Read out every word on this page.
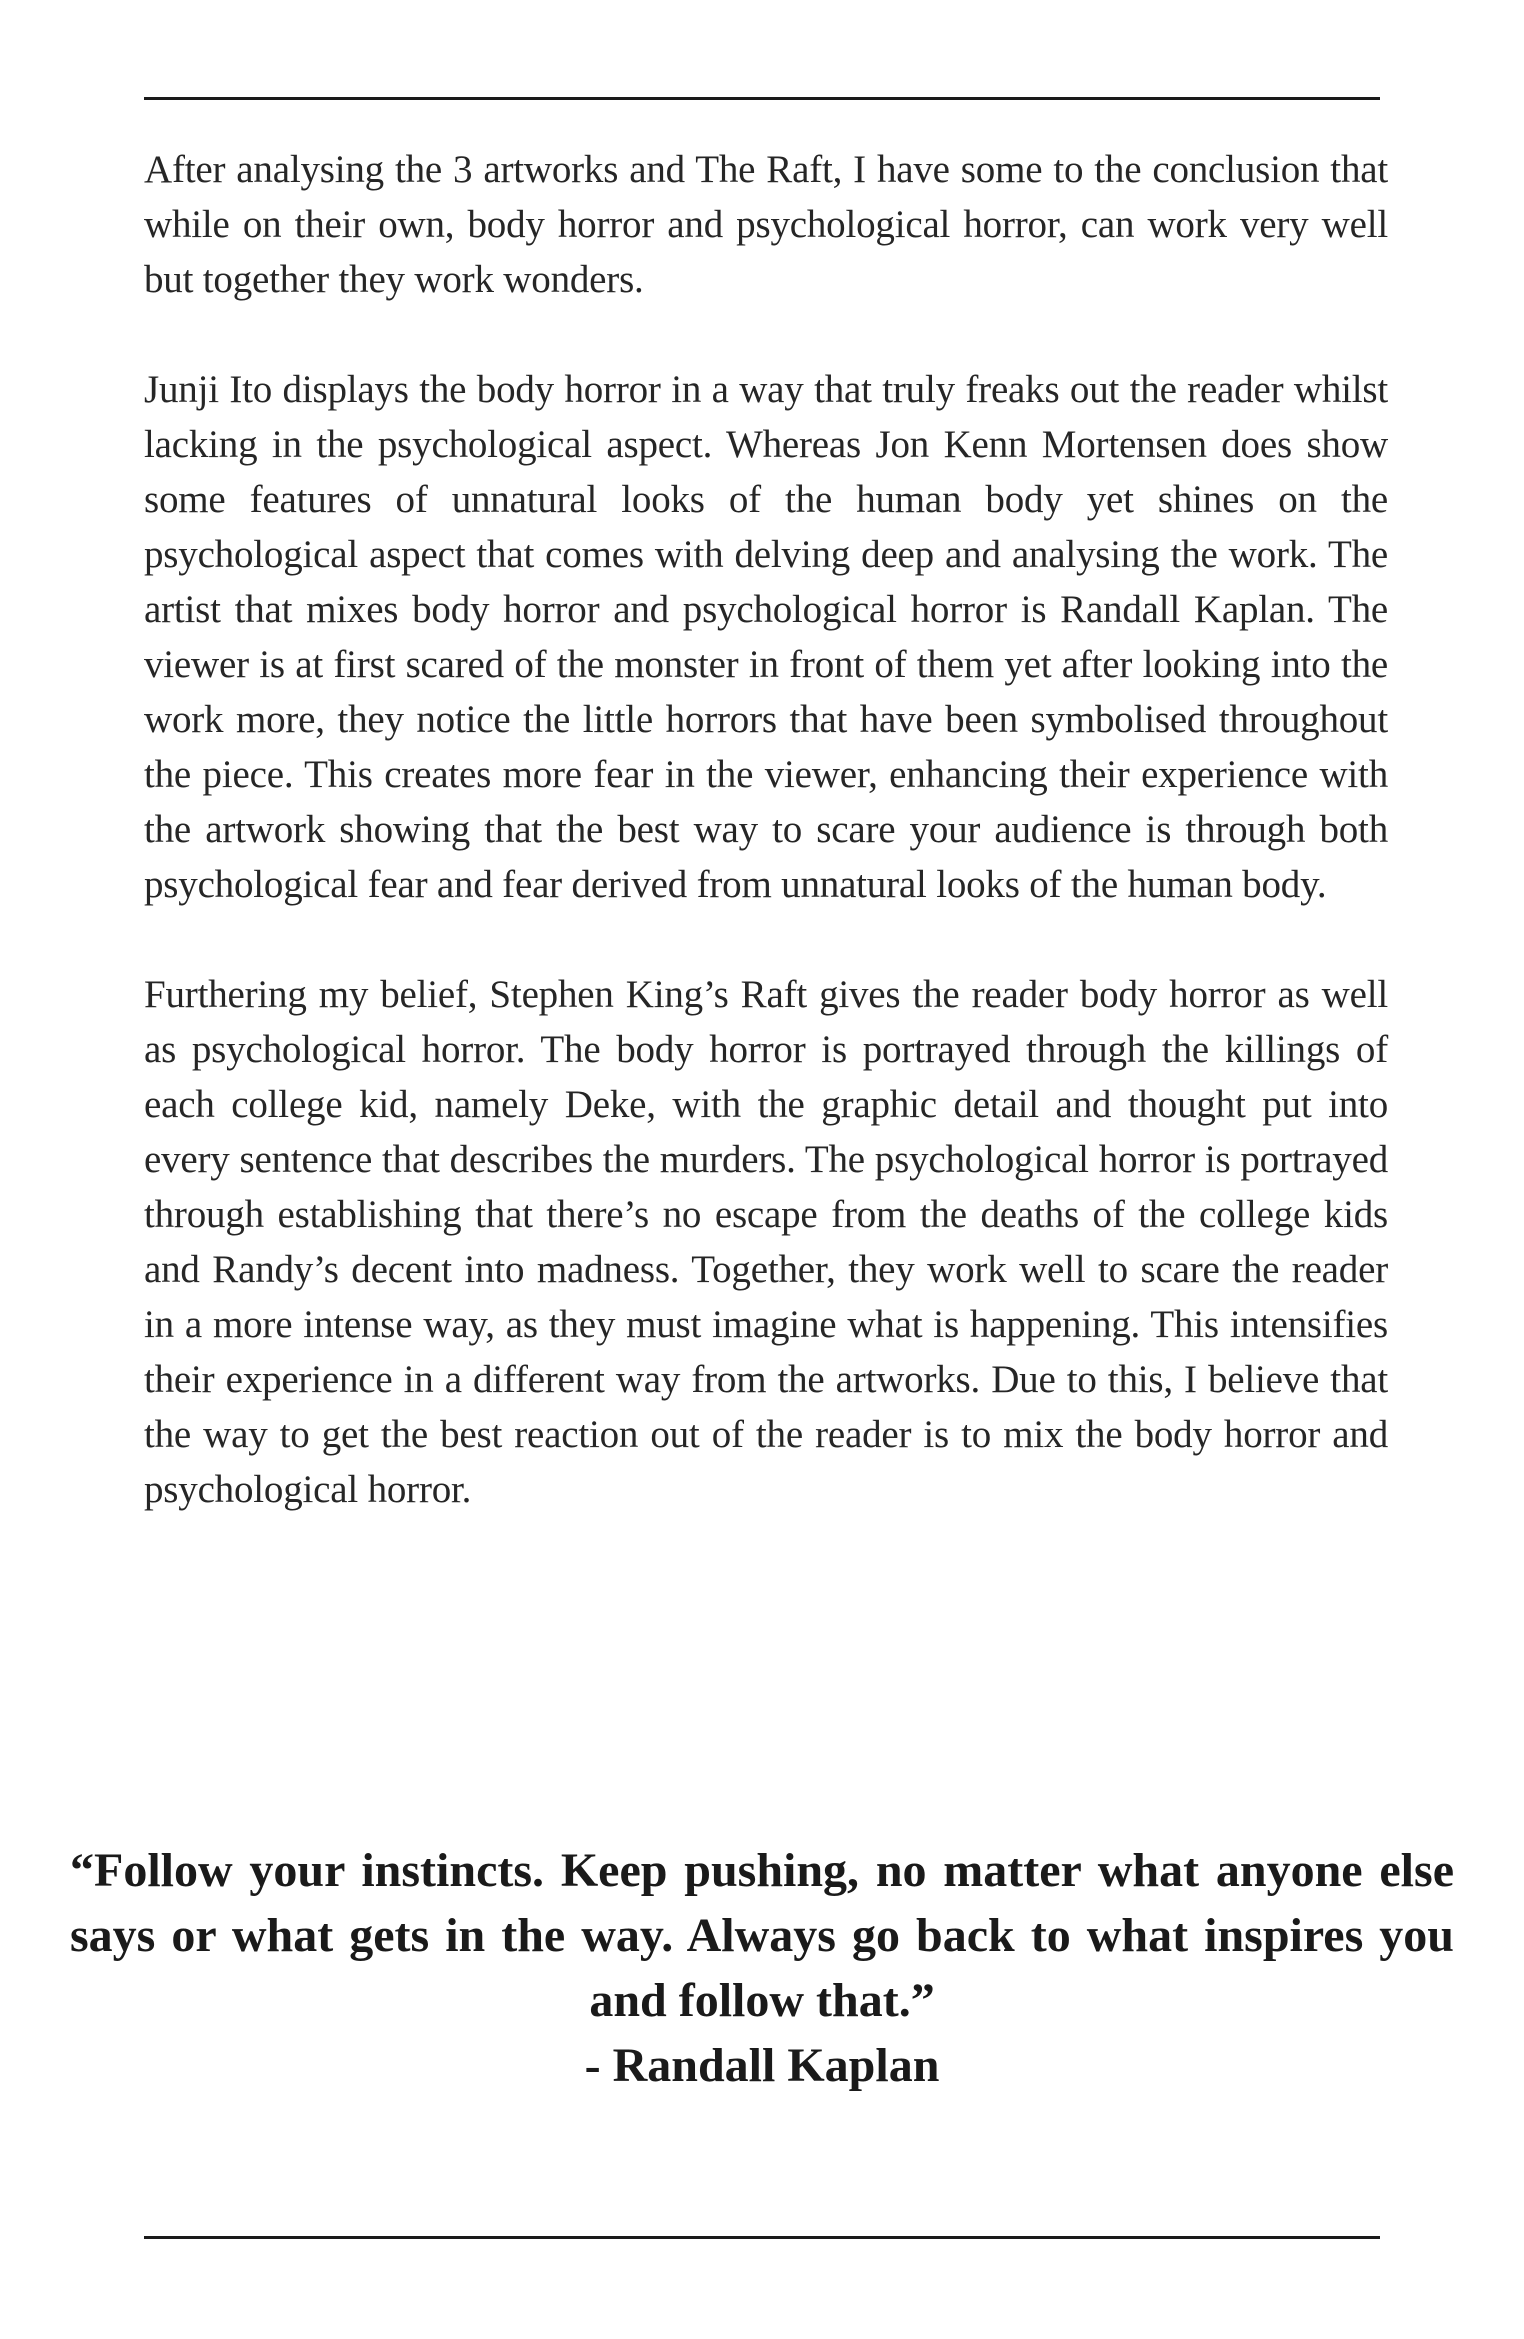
After analysing the 3 artworks and The Raft, I have some to the conclusion that while on their own, body horror and psychological horror, can work very well but together they work wonders.

Junji Ito displays the body horror in a way that truly freaks out the reader whilst lacking in the psychological aspect. Whereas Jon Kenn Mortensen does show some features of unnatural looks of the human body yet shines on the psychological aspect that comes with delving deep and analysing the work. The artist that mixes body horror and psychological horror is Randall Kaplan. The viewer is at first scared of the monster in front of them yet after looking into the work more, they notice the little horrors that have been symbolised throughout the piece. This creates more fear in the viewer, enhancing their experience with the artwork showing that the best way to scare your audience is through both psychological fear and fear derived from unnatural looks of the human body.

Furthering my belief, Stephen King’s Raft gives the reader body horror as well as psychological horror. The body horror is portrayed through the killings of each college kid, namely Deke, with the graphic detail and thought put into every sentence that describes the murders. The psychological horror is portrayed through establishing that there’s no escape from the deaths of the college kids and Randy’s decent into madness. Together, they work well to scare the reader in a more intense way, as they must imagine what is happening. This intensifies their experience in a different way from the artworks. Due to this, I believe that the way to get the best reaction out of the reader is to mix the body horror and psychological horror.

“Follow your instincts. Keep pushing, no matter what anyone else says or what gets in the way. Always go back to what inspires you and follow that.”

- Randall Kaplan
